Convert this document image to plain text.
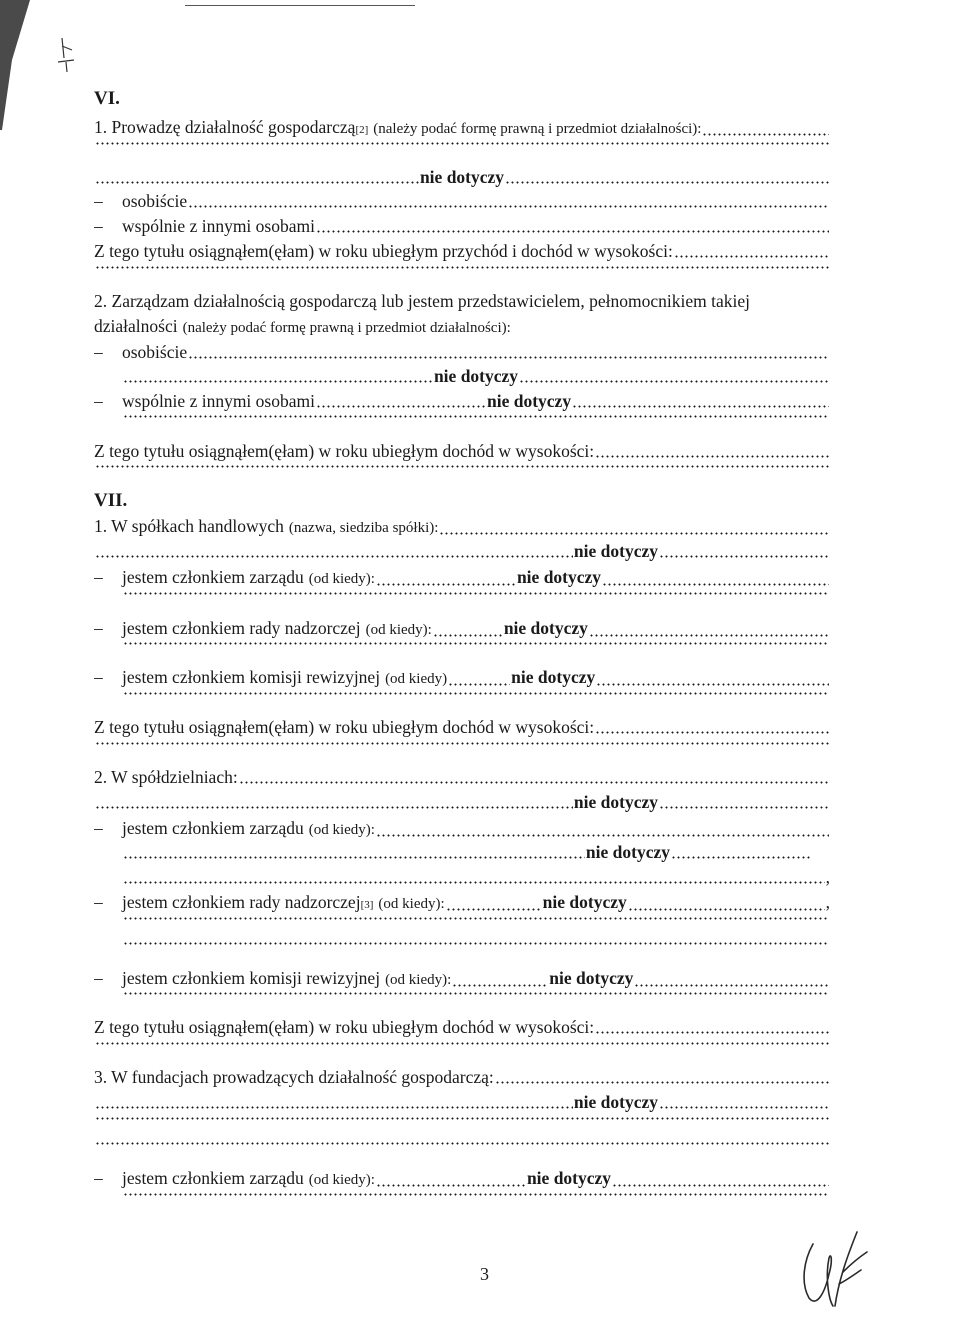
VI.
1. Prowadzę działalność gospodarczą [2] (należy podać formę prawną i przedmiot działalności):
nie dotyczy
–	osobiście
–	wspólnie z innymi osobami
Z tego tytułu osiągnąłem(ęłam) w roku ubiegłym przychód i dochód w wysokości:
2. Zarządzam działalnością gospodarczą lub jestem przedstawicielem, pełnomocnikiem takiej
działalności (należy podać formę prawną i przedmiot działalności):
–	osobiście
nie dotyczy
–	wspólnie z innymi osobami	nie dotyczy
Z tego tytułu osiągnąłem(ęłam) w roku ubiegłym dochód w wysokości:
VII.
1. W spółkach handlowych (nazwa, siedziba spółki):
nie dotyczy
–	jestem członkiem zarządu (od kiedy):	nie dotyczy
–	jestem członkiem rady nadzorczej (od kiedy):	nie dotyczy
–	jestem członkiem komisji rewizyjnej (od kiedy)	nie dotyczy
Z tego tytułu osiągnąłem(ęłam) w roku ubiegłym dochód w wysokości:
2. W spółdzielniach:
nie dotyczy
–	jestem członkiem zarządu (od kiedy):
nie dotyczy
,
–	jestem członkiem rady nadzorczej [3] (od kiedy):	nie dotyczy	,
–	jestem członkiem komisji rewizyjnej (od kiedy):	nie dotyczy
Z tego tytułu osiągnąłem(ęłam) w roku ubiegłym dochód w wysokości:
3. W fundacjach prowadzących działalność gospodarczą:
nie dotyczy
–	jestem członkiem zarządu (od kiedy):	nie dotyczy
3
